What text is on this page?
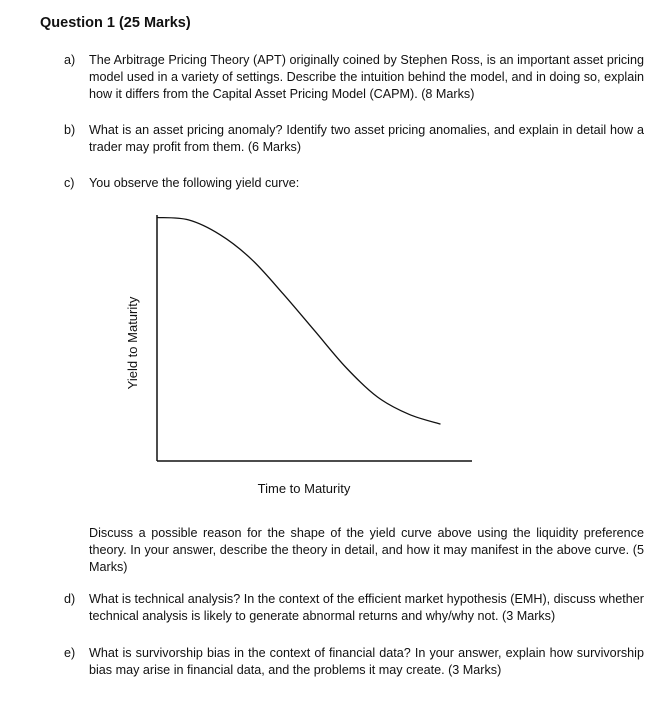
Question 1 (25 Marks)
a) The Arbitrage Pricing Theory (APT) originally coined by Stephen Ross, is an important asset pricing model used in a variety of settings. Describe the intuition behind the model, and in doing so, explain how it differs from the Capital Asset Pricing Model (CAPM). (8 Marks)
b) What is an asset pricing anomaly? Identify two asset pricing anomalies, and explain in detail how a trader may profit from them. (6 Marks)
c) You observe the following yield curve:
Yield to Maturity
Time to Maturity
Discuss a possible reason for the shape of the yield curve above using the liquidity preference theory. In your answer, describe the theory in detail, and how it may manifest in the above curve. (5 Marks)
d) What is technical analysis? In the context of the efficient market hypothesis (EMH), discuss whether technical analysis is likely to generate abnormal returns and why/why not. (3 Marks)
e) What is survivorship bias in the context of financial data? In your answer, explain how survivorship bias may arise in financial data, and the problems it may create. (3 Marks)
